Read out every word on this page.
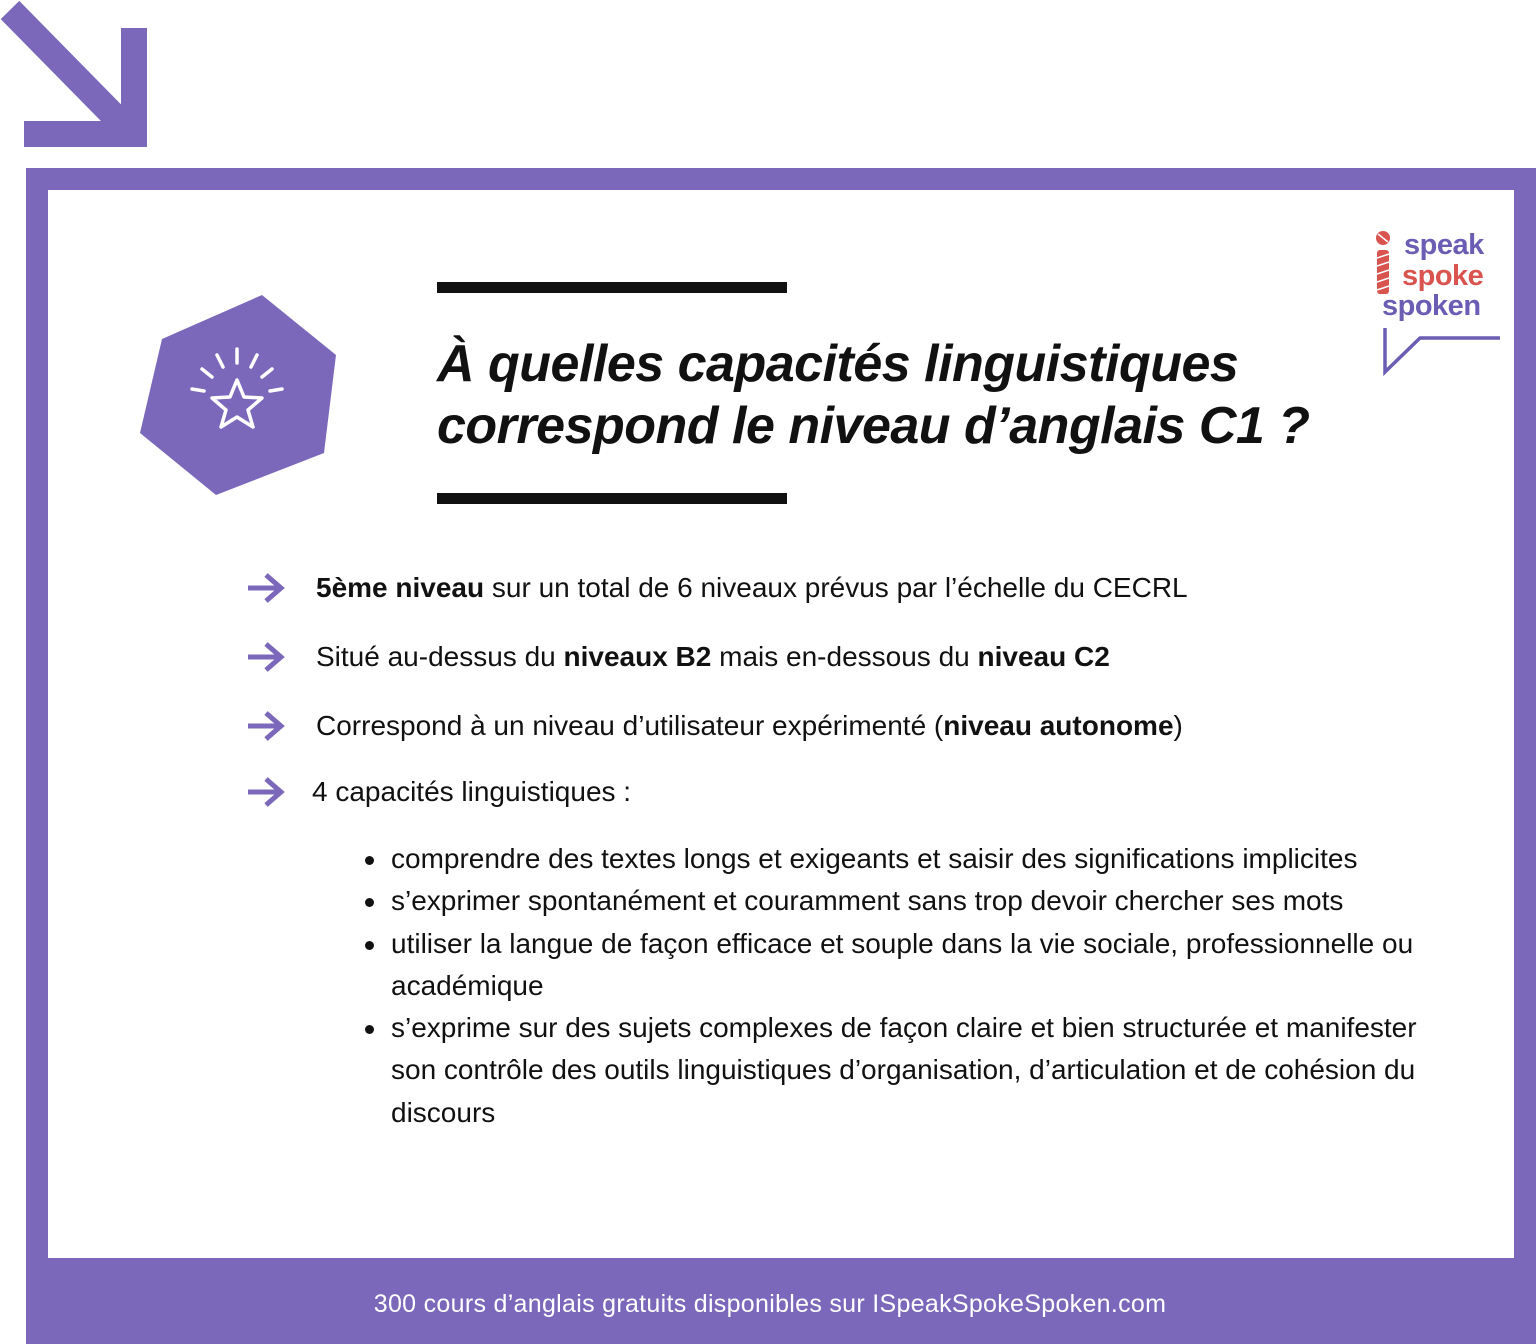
À quelles capacités linguistiques
correspond le niveau d’anglais C1 ?
speak
spoke
spoken
5ème niveau sur un total de 6 niveaux prévus par l’échelle du CECRL
Situé au-dessus du niveaux B2 mais en-dessous du niveau C2
Correspond à un niveau d’utilisateur expérimenté (niveau autonome)
4 capacités linguistiques :
comprendre des textes longs et exigeants et saisir des significations implicites
s’exprimer spontanément et couramment sans trop devoir chercher ses mots
utiliser la langue de façon efficace et souple dans la vie sociale, professionnelle ou académique
s’exprime sur des sujets complexes de façon claire et bien structurée et manifester son contrôle des outils linguistiques d’organisation, d’articulation et de cohésion du discours
300 cours d’anglais gratuits disponibles sur ISpeakSpokeSpoken.com
